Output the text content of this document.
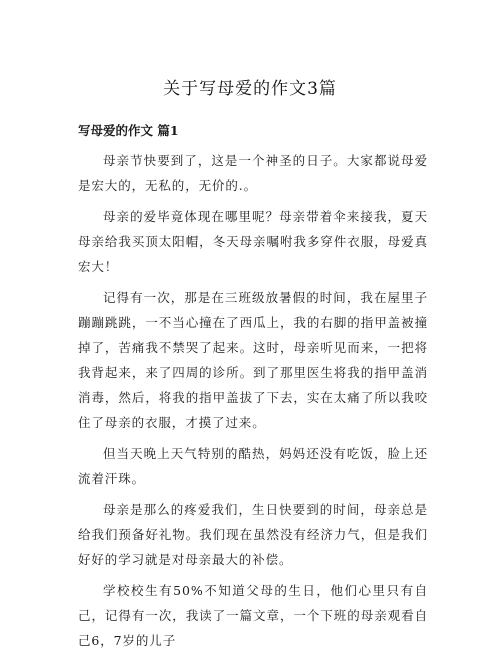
关于写母爱的作文3篇
写母爱的作文 篇1

母亲节快要到了，这是一个神圣的日子。大家都说母爱是宏大的，无私的，无价的.。

母亲的爱毕竟体现在哪里呢？母亲带着伞来接我，夏天母亲给我买顶太阳帽，冬天母亲嘱咐我多穿件衣服，母爱真宏大！

记得有一次，那是在三班级放暑假的时间，我在屋里子蹦蹦跳跳，一不当心撞在了西瓜上，我的右脚的指甲盖被撞掉了，苦痛我不禁哭了起来。这时，母亲听见而来，一把将我背起来，来了四周的诊所。到了那里医生将我的指甲盖消消毒，然后，将我的指甲盖拔了下去，实在太痛了所以我咬住了母亲的衣服，才摸了过来。

但当天晚上天气特别的酷热，妈妈还没有吃饭，脸上还流着汗珠。

母亲是那么的疼爱我们，生日快要到的时间，母亲总是给我们预备好礼物。我们现在虽然没有经济力气，但是我们好好的学习就是对母亲最大的补偿。

学校校生有50%不知道父母的生日，他们心里只有自己，记得有一次，我读了一篇文章，一个下班的母亲观看自己6，7岁的儿子
